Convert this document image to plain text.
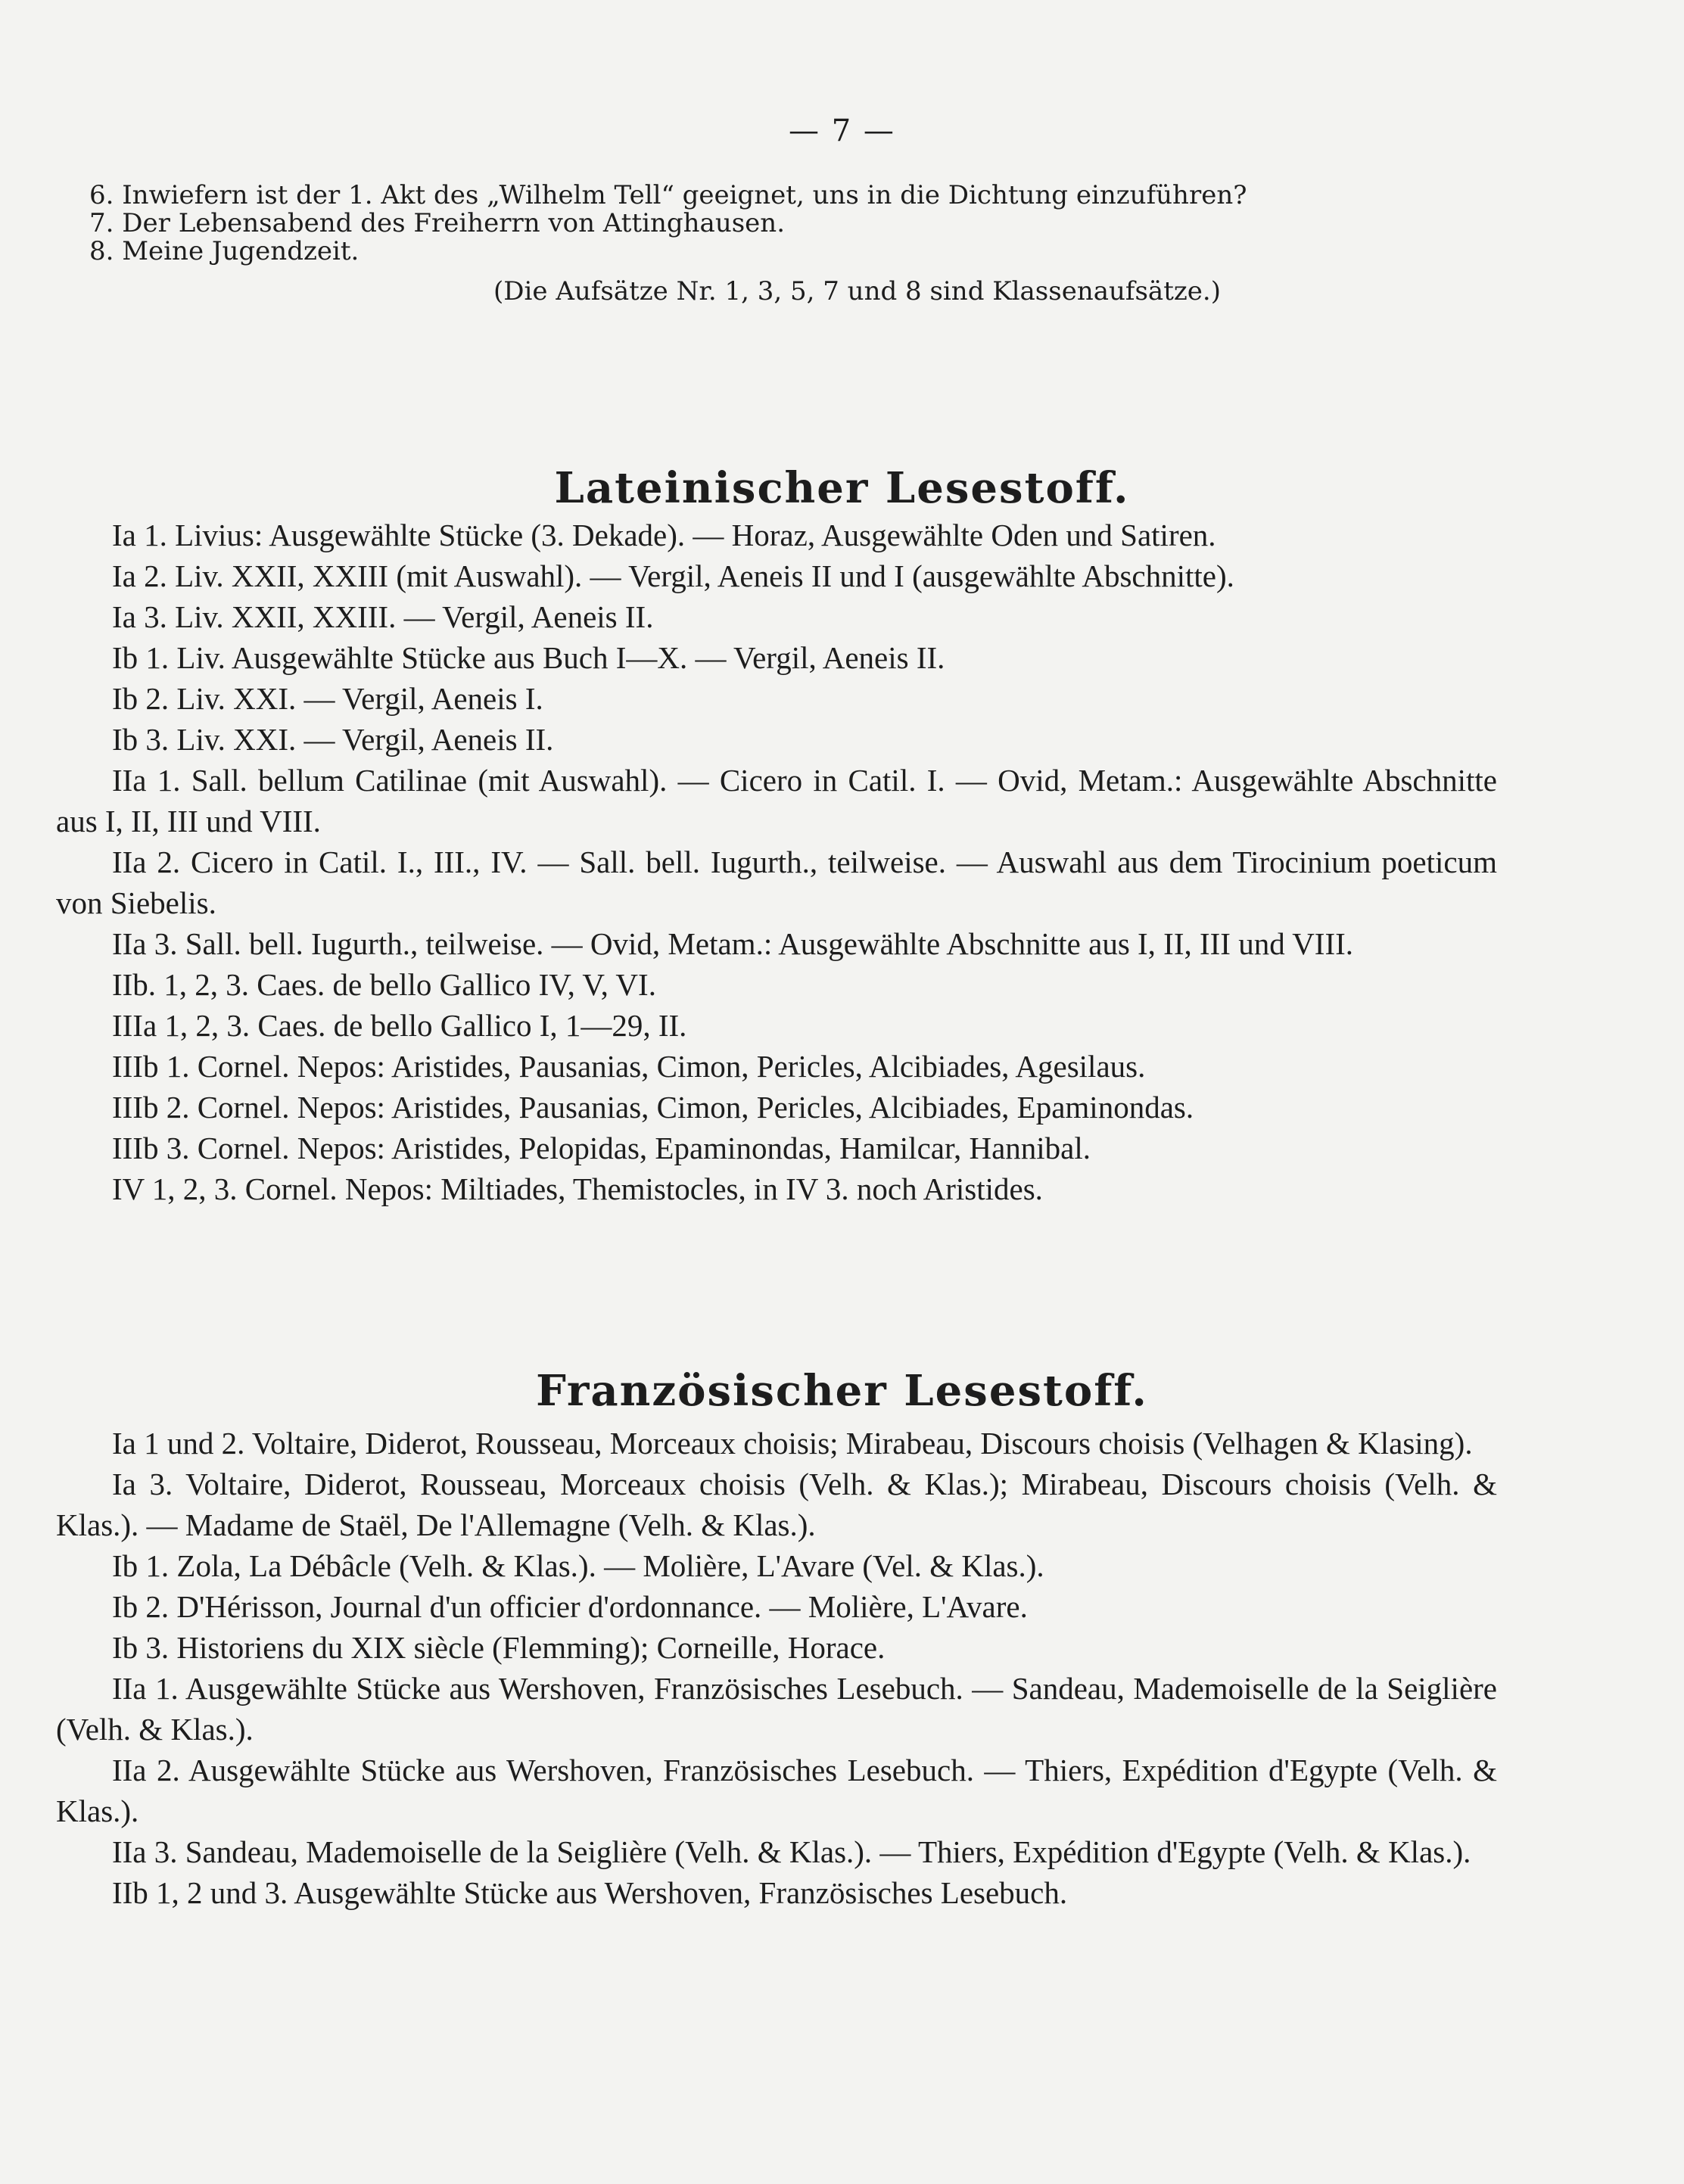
— 7 —
6. Inwiefern ist der 1. Akt des „Wilhelm Tell“ geeignet, uns in die Dichtung einzuführen?
7. Der Lebensabend des Freiherrn von Attinghausen.
8. Meine Jugendzeit.
(Die Aufsätze Nr. 1, 3, 5, 7 und 8 sind Klassenaufsätze.)
Lateinischer Lesestoff.
Ia 1. Livius: Ausgewählte Stücke (3. Dekade). — Horaz, Ausgewählte Oden und Satiren.
Ia 2. Liv. XXII, XXIII (mit Auswahl). — Vergil, Aeneis II und I (ausgewählte Abschnitte).
Ia 3. Liv. XXII, XXIII. — Vergil, Aeneis II.
Ib 1. Liv. Ausgewählte Stücke aus Buch I—X. — Vergil, Aeneis II.
Ib 2. Liv. XXI. — Vergil, Aeneis I.
Ib 3. Liv. XXI. — Vergil, Aeneis II.
IIa 1. Sall. bellum Catilinae (mit Auswahl). — Cicero in Catil. I. — Ovid, Metam.: Ausgewählte Abschnitte aus I, II, III und VIII.
IIa 2. Cicero in Catil. I., III., IV. — Sall. bell. Iugurth., teilweise. — Auswahl aus dem Tirocinium poeticum von Siebelis.
IIa 3. Sall. bell. Iugurth., teilweise. — Ovid, Metam.: Ausgewählte Abschnitte aus I, II, III und VIII.
IIb. 1, 2, 3. Caes. de bello Gallico IV, V, VI.
IIIa 1, 2, 3. Caes. de bello Gallico I, 1—29, II.
IIIb 1. Cornel. Nepos: Aristides, Pausanias, Cimon, Pericles, Alcibiades, Agesilaus.
IIIb 2. Cornel. Nepos: Aristides, Pausanias, Cimon, Pericles, Alcibiades, Epaminondas.
IIIb 3. Cornel. Nepos: Aristides, Pelopidas, Epaminondas, Hamilcar, Hannibal.
IV 1, 2, 3. Cornel. Nepos: Miltiades, Themistocles, in IV 3. noch Aristides.
Französischer Lesestoff.
Ia 1 und 2. Voltaire, Diderot, Rousseau, Morceaux choisis; Mirabeau, Discours choisis (Velhagen & Klasing).
Ia 3. Voltaire, Diderot, Rousseau, Morceaux choisis (Velh. & Klas.); Mirabeau, Discours choisis (Velh. & Klas.). — Madame de Staël, De l'Allemagne (Velh. & Klas.).
Ib 1. Zola, La Débâcle (Velh. & Klas.). — Molière, L'Avare (Vel. & Klas.).
Ib 2. D'Hérisson, Journal d'un officier d'ordonnance. — Molière, L'Avare.
Ib 3. Historiens du XIX siècle (Flemming); Corneille, Horace.
IIa 1. Ausgewählte Stücke aus Wershoven, Französisches Lesebuch. — Sandeau, Mademoiselle de la Seiglière (Velh. & Klas.).
IIa 2. Ausgewählte Stücke aus Wershoven, Französisches Lesebuch. — Thiers, Expédition d'Egypte (Velh. & Klas.).
IIa 3. Sandeau, Mademoiselle de la Seiglière (Velh. & Klas.). — Thiers, Expédition d'Egypte (Velh. & Klas.).
IIb 1, 2 und 3. Ausgewählte Stücke aus Wershoven, Französisches Lesebuch.
